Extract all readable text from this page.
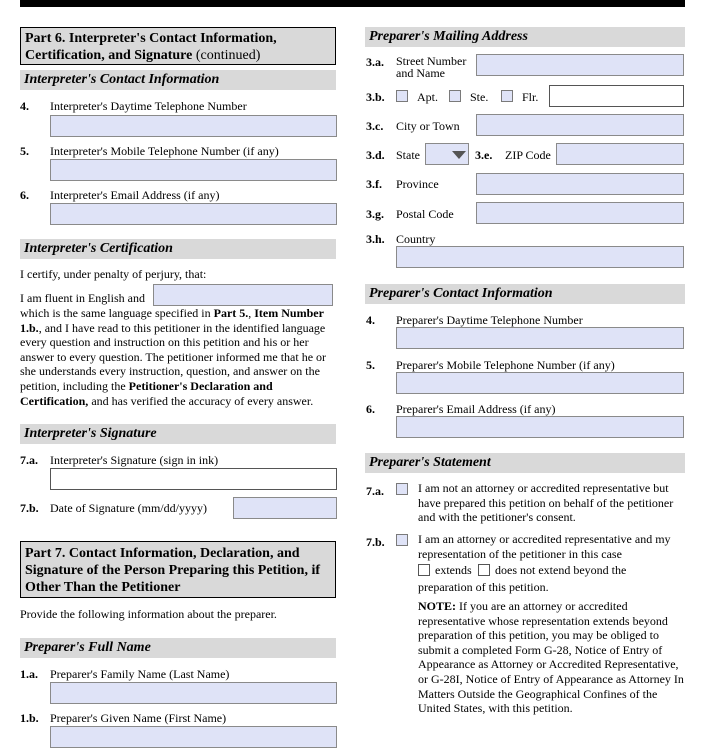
Part 6. Interpreter's Contact Information, Certification, and Signature (continued)
Interpreter's Contact Information
4. Interpreter's Daytime Telephone Number
5. Interpreter's Mobile Telephone Number (if any)
6. Interpreter's Email Address (if any)
Interpreter's Certification
I certify, under penalty of perjury, that:
I am fluent in English and
which is the same language specified in Part 5., Item Number 1.b., and I have read to this petitioner in the identified language every question and instruction on this petition and his or her answer to every question. The petitioner informed me that he or she understands every instruction, question, and answer on the petition, including the Petitioner's Declaration and Certification, and has verified the accuracy of every answer.
Interpreter's Signature
7.a. Interpreter's Signature (sign in ink)
7.b. Date of Signature (mm/dd/yyyy)
Part 7. Contact Information, Declaration, and Signature of the Person Preparing this Petition, if Other Than the Petitioner
Provide the following information about the preparer.
Preparer's Full Name
1.a. Preparer's Family Name (Last Name)
1.b. Preparer's Given Name (First Name)
Preparer's Mailing Address
3.a. Street Number and Name
3.b.	Apt.	Ste.	Flr.
3.c. City or Town
3.d. State	3.e. ZIP Code
3.f. Province
3.g. Postal Code
3.h. Country
Preparer's Contact Information
4. Preparer's Daytime Telephone Number
5. Preparer's Mobile Telephone Number (if any)
6. Preparer's Email Address (if any)
Preparer's Statement
7.a.	I am not an attorney or accredited representative but have prepared this petition on behalf of the petitioner and with the petitioner's consent.
7.b.	I am an attorney or accredited representative and my representation of the petitioner in this case
extends does not extend beyond the
preparation of this petition.
NOTE: If you are an attorney or accredited representative whose representation extends beyond preparation of this petition, you may be obliged to submit a completed Form G-28, Notice of Entry of Appearance as Attorney or Accredited Representative, or G-28I, Notice of Entry of Appearance as Attorney In Matters Outside the Geographical Confines of the United States, with this petition.
